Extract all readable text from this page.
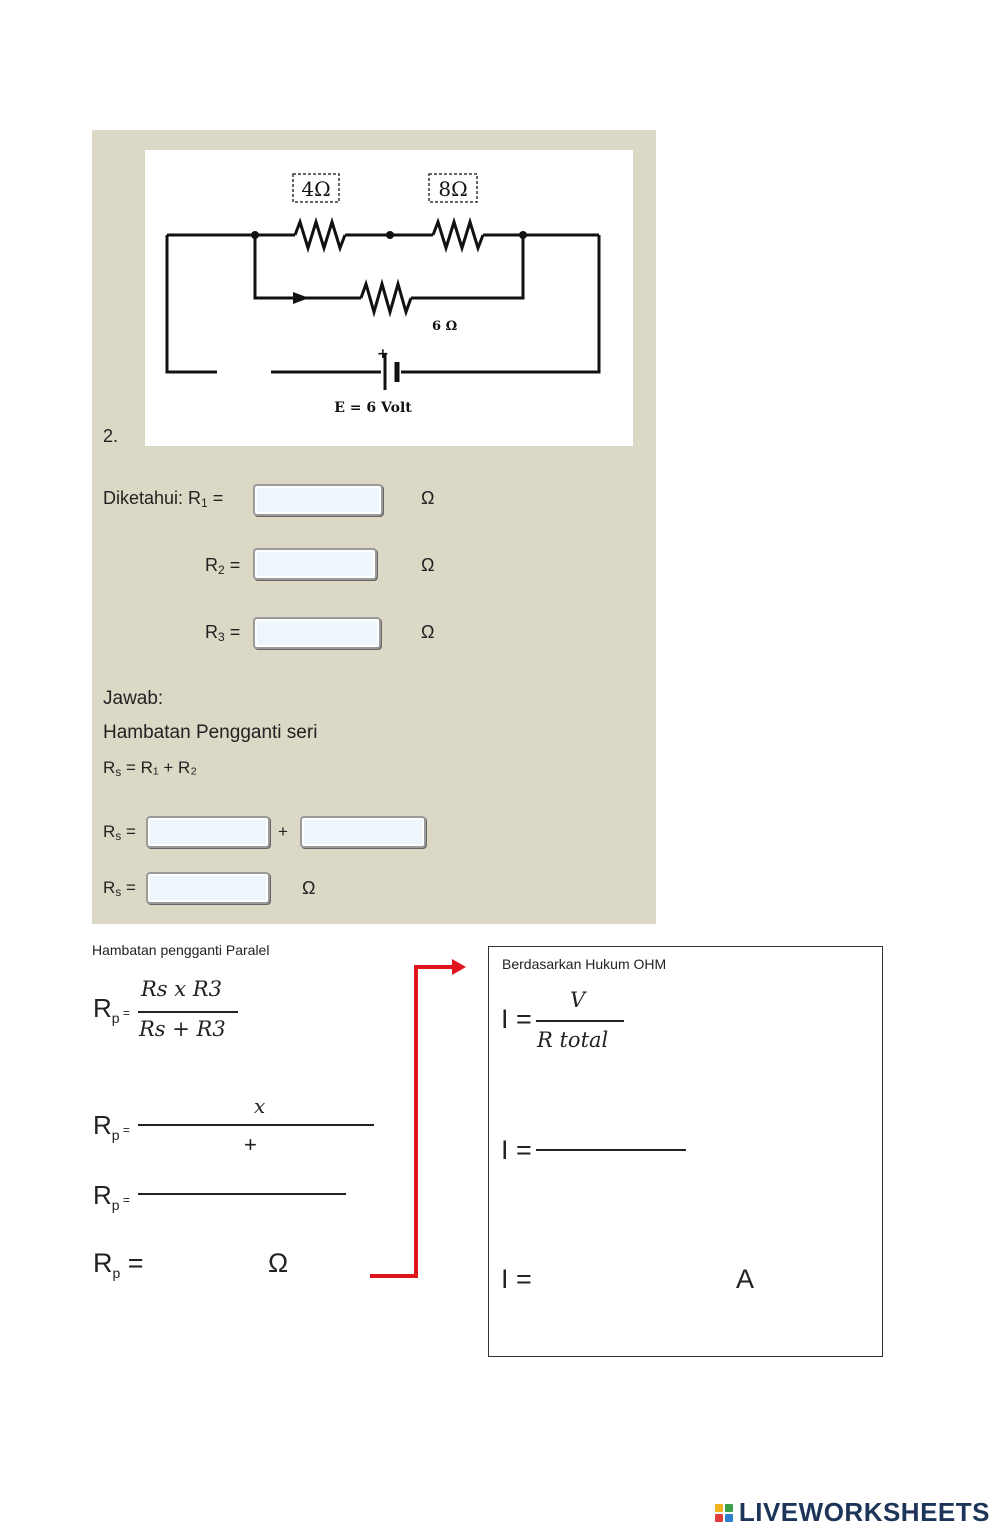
4Ω	8Ω
6 Ω
+
E = 6 Volt
2.
Diketahui: $R_1$ =	Ω
$R_2$ =	Ω
$R_3$ =	Ω
Jawab:
Hambatan Pengganti seri
$R_s = R_1 + R_2$
$R_s$ =	+
$R_s$ =	Ω
Hambatan pengganti Paralel
$R_p$ =
Rs x R3
Rs + R3
x
$R_p$ =
+
$R_p$ =
$R_p$ =	Ω
Berdasarkan Hukum OHM
I =
V
R total
I =
I =	A
LIVEWORKSHEETS
